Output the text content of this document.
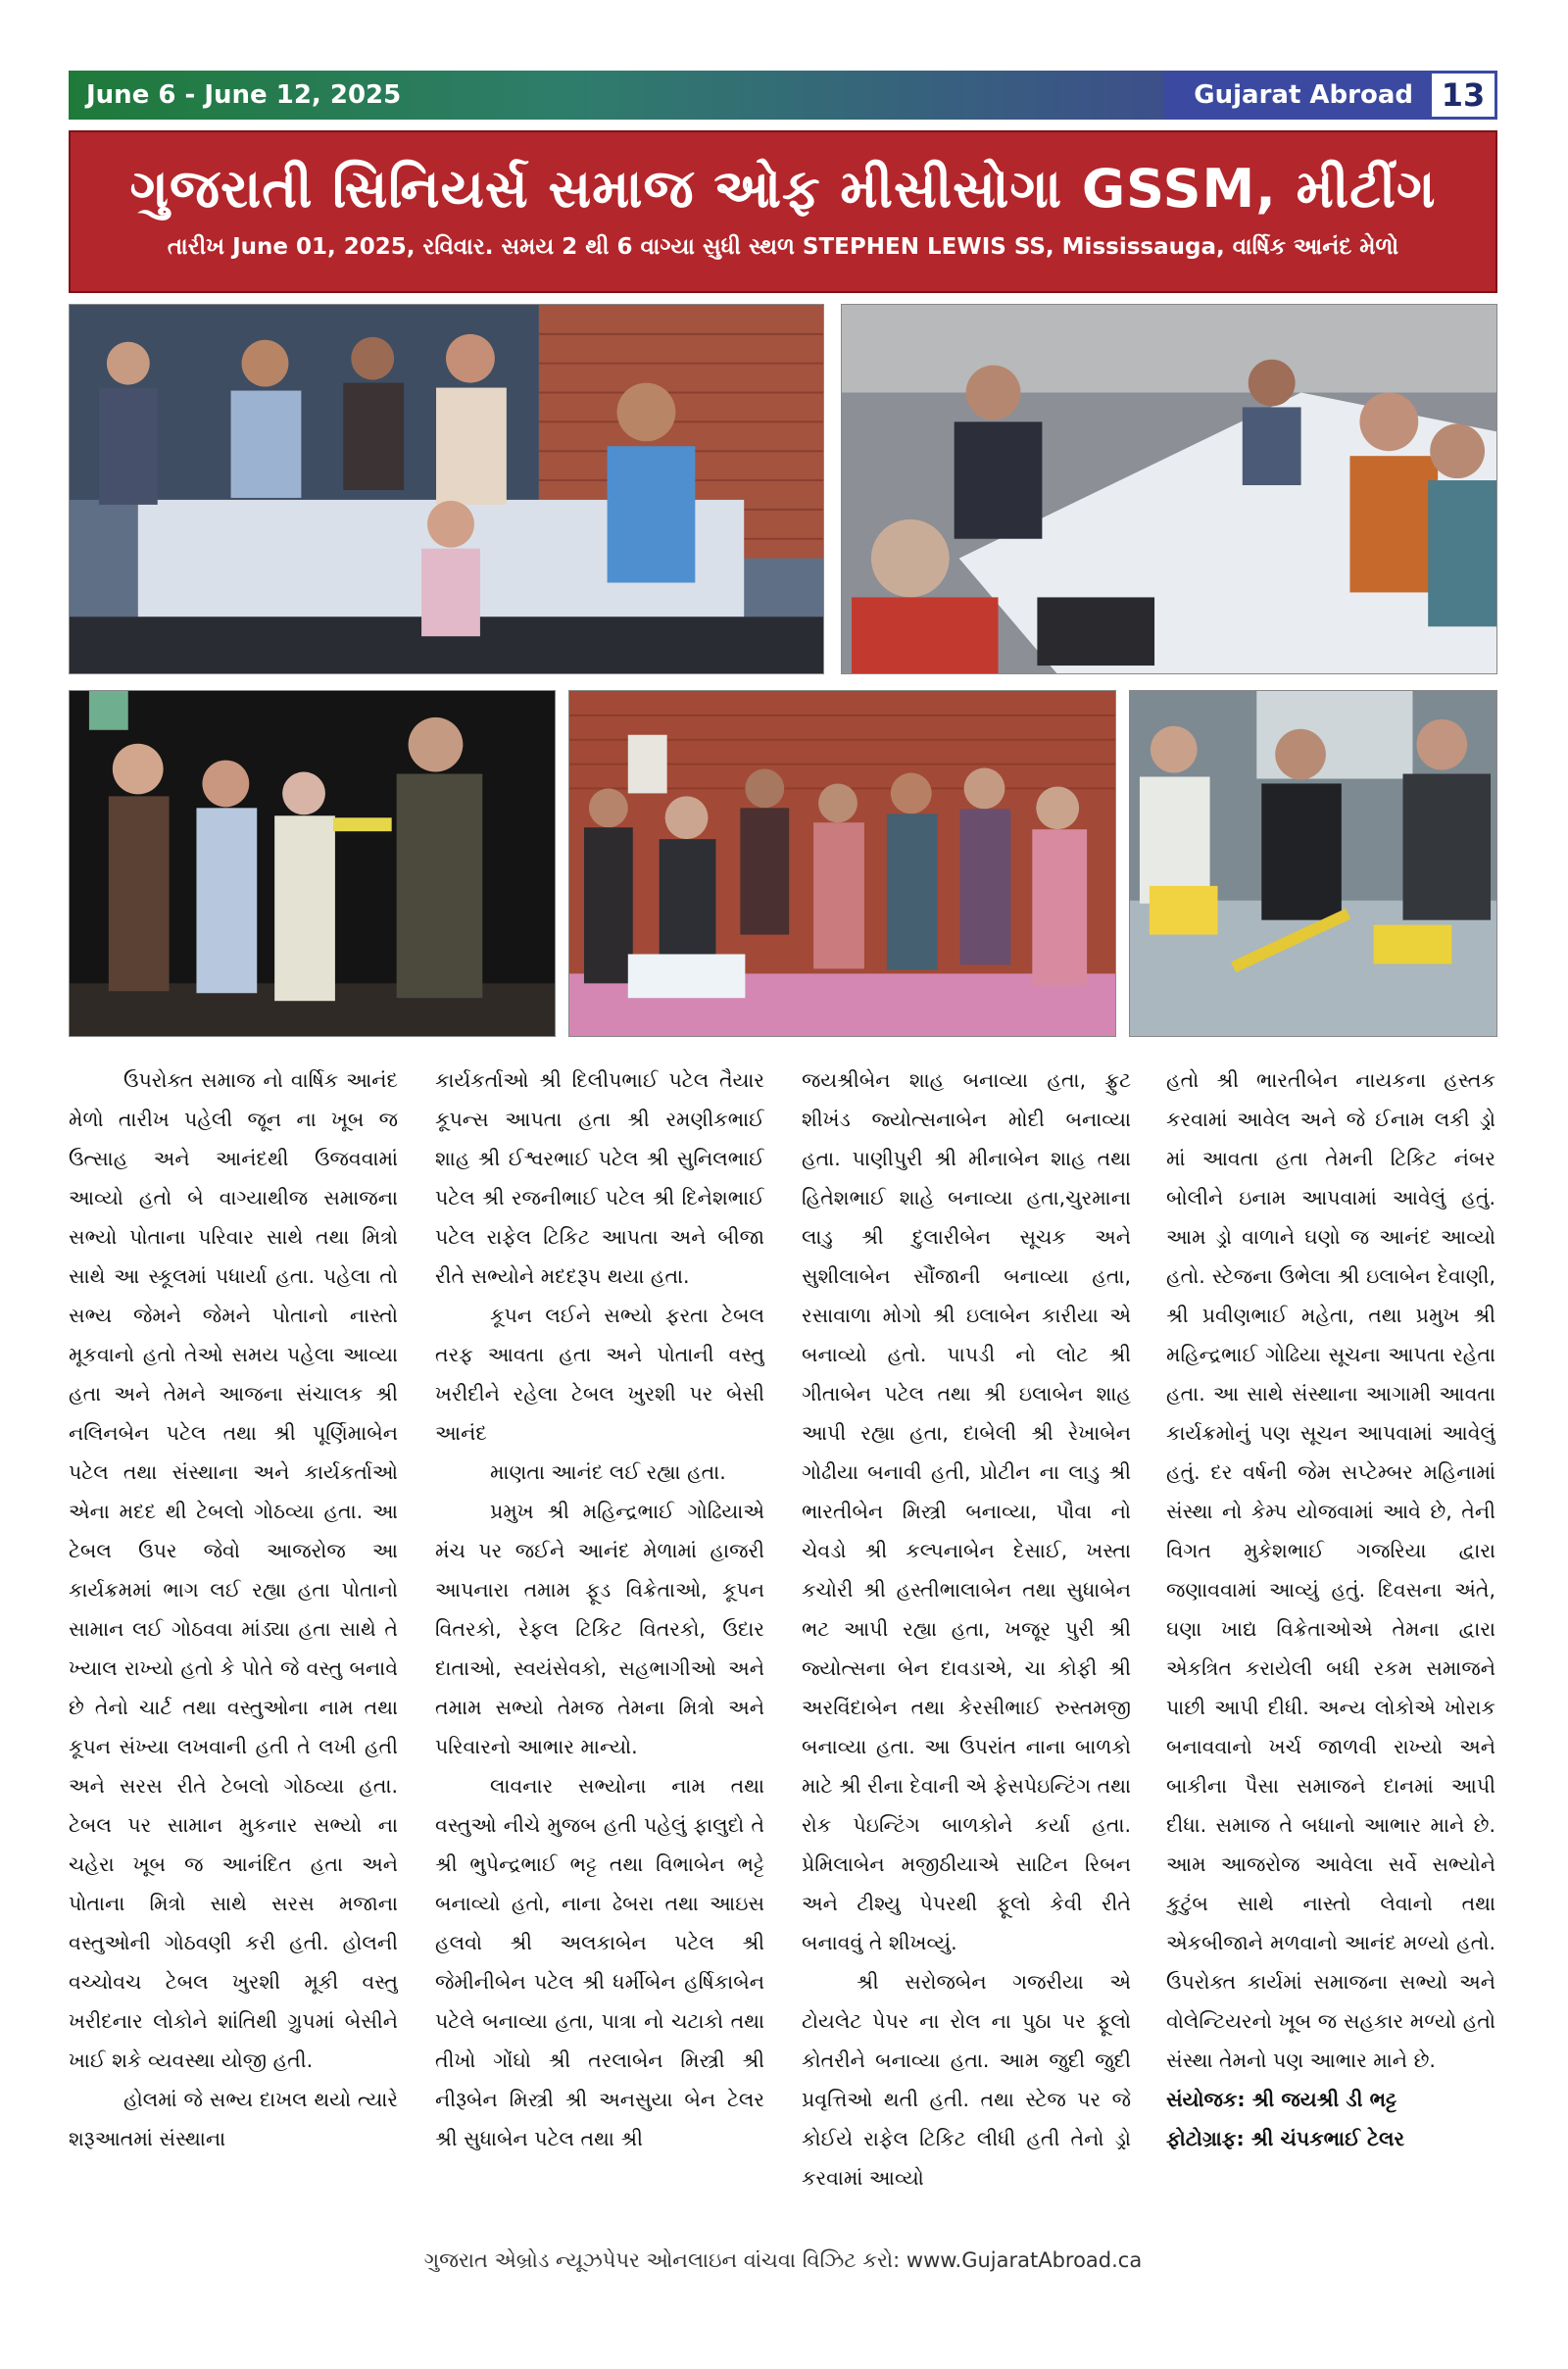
June 6 - June 12, 2025	Gujarat Abroad 13
ગુજરાતી સિનિયર્સ સમાજ ઓફ મીસીસોગા GSSM, મીટીંગ
તારીખ June 01, 2025, રવિવાર. સમય 2 થી 6 વાગ્યા સુધી સ્થળ STEPHEN LEWIS SS, Mississauga, વાર્ષિક આનંદ મેળો

ઉપરોક્ત સમાજ નો વાર્ષિક આનંદ મેળો તારીખ પહેલી જૂન ના ખૂબ જ ઉત્સાહ અને આનંદથી ઉજવવામાં આવ્યો હતો બે વાગ્યાથીજ સમાજના સભ્યો પોતાના પરિવાર સાથે તથા મિત્રો સાથે આ સ્કૂલમાં પધાર્યા હતા. પહેલા તો સભ્ય જેમને જેમને પોતાનો નાસ્તો મૂકવાનો હતો તેઓ સમય પહેલા આવ્યા હતા અને તેમને આજના સંચાલક શ્રી નલિનબેન પટેલ તથા શ્રી પૂર્ણિમાબેન પટેલ તથા સંસ્થાના અને કાર્યકર્તાઓ એના મદદ થી ટેબલો ગોઠવ્યા હતા. આ ટેબલ ઉપર જેવો આજરોજ આ કાર્યક્રમમાં ભાગ લઈ રહ્યા હતા પોતાનો સામાન લઈ ગોઠવવા માંડ્યા હતા સાથે તે ખ્યાલ રાખ્યો હતો કે પોતે જે વસ્તુ બનાવે છે તેનો ચાર્ટ તથા વસ્તુઓના નામ તથા કૂપન સંખ્યા લખવાની હતી તે લખી હતી અને સરસ રીતે ટેબલો ગોઠવ્યા હતા. ટેબલ પર સામાન મુકનાર સભ્યો ના ચહેરા ખૂબ જ આનંદિત હતા અને પોતાના મિત્રો સાથે સરસ મજાના વસ્તુઓની ગોઠવણી કરી હતી. હોલની વચ્ચોવચ ટેબલ ખુરશી મૂકી વસ્તુ ખરીદનાર લોકોને શાંતિથી ગ્રુપમાં બેસીને ખાઈ શકે વ્યવસ્થા યોજી હતી.

હોલમાં જે સભ્ય દાખલ થયો ત્યારે શરૂઆતમાં સંસ્થાના

કાર્યકર્તાઓ શ્રી દિલીપભાઈ પટેલ તૈયાર કૂપન્સ આપતા હતા શ્રી રમણીકભાઈ શાહ શ્રી ઈશ્વરભાઈ પટેલ શ્રી સુનિલભાઈ પટેલ શ્રી રજનીભાઈ પટેલ શ્રી દિનેશભાઈ પટેલ રાફેલ ટિકિટ આપતા અને બીજા રીતે સભ્યોને મદદરૂપ થયા હતા.

કૂપન લઈને સભ્યો ફરતા ટેબલ તરફ આવતા હતા અને પોતાની વસ્તુ ખરીદીને રહેલા ટેબલ ખુરશી પર બેસી આનંદ

માણતા આનંદ લઈ રહ્યા હતા.

પ્રમુખ શ્રી મહિન્દ્રભાઈ ગોઢિયાએ મંચ પર જઈને આનંદ મેળામાં હાજરી આપનારા તમામ ફૂડ વિક્રેતાઓ, કૂપન વિતરકો, રેફલ ટિકિટ વિતરકો, ઉદાર દાતાઓ, સ્વયંસેવકો, સહભાગીઓ અને તમામ સભ્યો તેમજ તેમના મિત્રો અને પરિવારનો આભાર માન્યો.

લાવનાર સભ્યોના નામ તથા વસ્તુઓ નીચે મુજબ હતી પહેલું ફાલુદો તે શ્રી ભુપેન્દ્રભાઈ ભટ્ટ તથા વિભાબેન ભટ્ટે બનાવ્યો હતો, નાના ઢેબરા તથા આઇસ હલવો શ્રી અલકાબેન પટેલ શ્રી જેમીનીબેન પટેલ શ્રી ધર્મીબેન હર્ષિકાબેન પટેલે બનાવ્યા હતા, પાત્રા નો ચટાકો તથા તીખો ગોંઘો શ્રી તરલાબેન મિસ્ત્રી શ્રી નીરૂબેન મિસ્ત્રી શ્રી અનસુયા બેન ટેલર શ્રી સુધાબેન પટેલ તથા શ્રી

જયશ્રીબેન શાહ બનાવ્યા હતા, ફ્રુટ શીખંડ જ્યોત્સનાબેન મોદી બનાવ્યા હતા. પાણીપુરી શ્રી મીનાબેન શાહ તથા હિતેશભાઈ શાહે બનાવ્યા હતા,ચુરમાના લાડુ શ્રી દુલારીબેન સૂચક અને સુશીલાબેન સૌંજાની બનાવ્યા હતા, રસાવાળા મોગો શ્રી ઇલાબેન કારીયા એ બનાવ્યો હતો. પાપડી નો લોટ શ્રી ગીતાબેન પટેલ તથા શ્રી ઇલાબેન શાહ આપી રહ્યા હતા, દાબેલી શ્રી રેખાબેન ગોઢીયા બનાવી હતી, પ્રોટીન ના લાડુ શ્રી ભારતીબેન મિસ્ત્રી બનાવ્યા, પૌવા નો ચેવડો શ્રી કલ્પનાબેન દેસાઈ, ખસ્તા કચોરી શ્રી હસ્તીભાલાબેન તથા સુધાબેન ભટ આપી રહ્યા હતા, ખજૂર પુરી શ્રી જ્યોત્સના બેન દાવડાએ, ચા કોફી શ્રી અરવિંદાબેન તથા કેરસીભાઈ રુસ્તમજી બનાવ્યા હતા. આ ઉપરાંત નાના બાળકો માટે શ્રી રીના દેવાની એ ફેસપેઇન્ટિંગ તથા રોક પેઇન્ટિંગ બાળકોને કર્યા હતા. પ્રેમિલાબેન મજીઠીયાએ સાટિન રિબન અને ટીશ્યુ પેપરથી ફૂલો કેવી રીતે બનાવવું તે શીખવ્યું.

શ્રી સરોજબેન ગજરીયા એ ટોયલેટ પેપર ના રોલ ના પુઠા પર ફૂલો કોતરીને બનાવ્યા હતા. આમ જુદી જુદી પ્રવૃત્તિઓ થતી હતી. તથા સ્ટેજ પર જે કોઈયે રાફેલ ટિકિટ લીધી હતી તેનો ડ્રો કરવામાં આવ્યો

હતો શ્રી ભારતીબેન નાયકના હસ્તક કરવામાં આવેલ અને જે ઈનામ લકી ડ્રો માં આવતા હતા તેમની ટિકિટ નંબર બોલીને ઇનામ આપવામાં આવેલું હતું. આમ ડ્રો વાળાને ઘણો જ આનંદ આવ્યો હતો. સ્ટેજના ઉભેલા શ્રી ઇલાબેન દેવાણી, શ્રી પ્રવીણભાઈ મહેતા, તથા પ્રમુખ શ્રી મહિન્દ્રભાઈ ગોઢિયા સૂચના આપતા રહેતા હતા. આ સાથે સંસ્થાના આગામી આવતા કાર્યક્રમોનું પણ સૂચન આપવામાં આવેલું હતું. દર વર્ષની જેમ સપ્ટેમ્બર મહિનામાં સંસ્થા નો કેમ્પ યોજવામાં આવે છે, તેની વિગત મુકેશભાઈ ગજરિયા દ્વારા જણાવવામાં આવ્યું હતું. દિવસના અંતે, ઘણા ખાદ્ય વિક્રેતાઓએ તેમના દ્વારા એકત્રિત કરાયેલી બધી રકમ સમાજને પાછી આપી દીધી. અન્ય લોકોએ ખોરાક બનાવવાનો ખર્ચ જાળવી રાખ્યો અને બાકીના પૈસા સમાજને દાનમાં આપી દીધા. સમાજ તે બધાનો આભાર માને છે. આમ આજરોજ આવેલા સર્વે સભ્યોને કુટુંબ સાથે નાસ્તો લેવાનો તથા એકબીજાને મળવાનો આનંદ મળ્યો હતો. ઉપરોક્ત કાર્યમાં સમાજના સભ્યો અને વોલેન્ટિયરનો ખૂબ જ સહકાર મળ્યો હતો સંસ્થા તેમનો પણ આભાર માને છે.

સંયોજક: શ્રી જયશ્રી ડી ભટ્ટ

ફોટોગ્રાફ: શ્રી ચંપકભાઈ ટેલર

ગુજરાત એબ્રોડ ન્યૂઝપેપર ઓનલાઇન વાંચવા વિઝિટ કરો: www.GujaratAbroad.ca
